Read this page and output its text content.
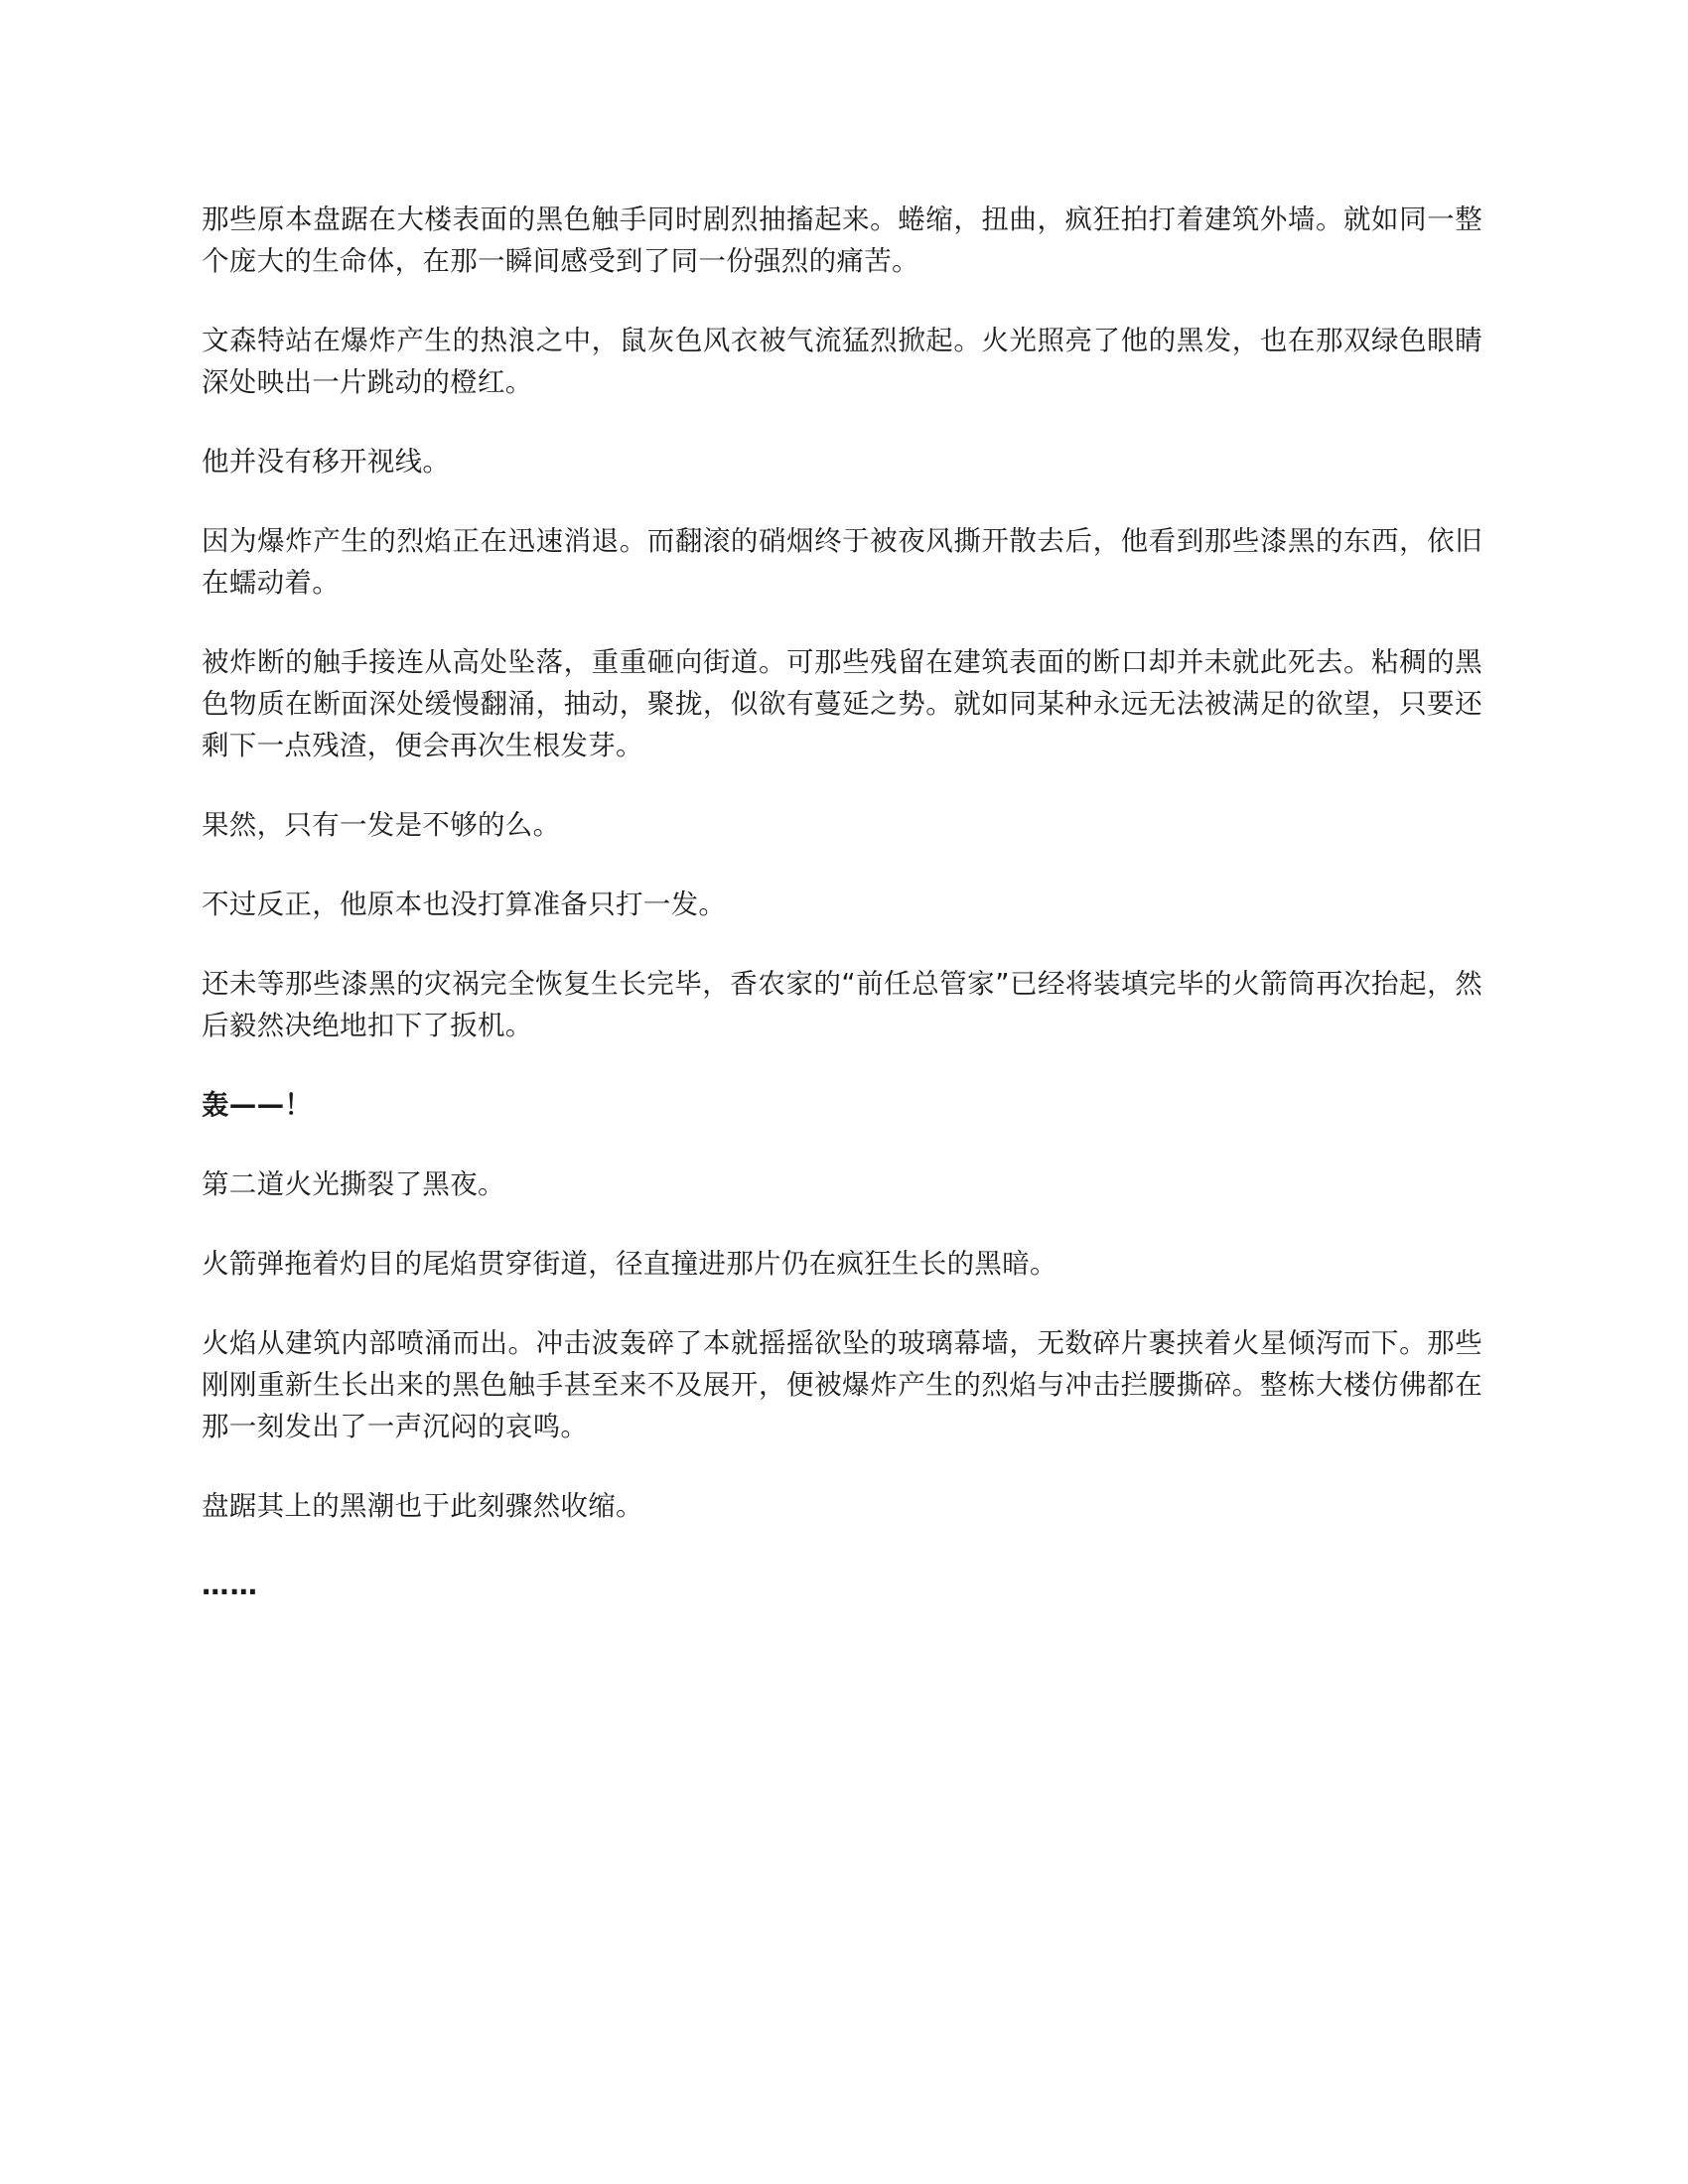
那些原本盘踞在大楼表面的黑色触手同时剧烈抽搐起来。蜷缩，扭曲，疯狂拍打着建筑外墙。就如同一整个庞大的生命体，在那一瞬间感受到了同一份强烈的痛苦。

文森特站在爆炸产生的热浪之中，鼠灰色风衣被气流猛烈掀起。火光照亮了他的黑发，也在那双绿色眼睛深处映出一片跳动的橙红。

他并没有移开视线。

因为爆炸产生的烈焰正在迅速消退。而翻滚的硝烟终于被夜风撕开散去后，他看到那些漆黑的东西，依旧在蠕动着。

被炸断的触手接连从高处坠落，重重砸向街道。可那些残留在建筑表面的断口却并未就此死去。粘稠的黑色物质在断面深处缓慢翻涌，抽动，聚拢，似欲有蔓延之势。就如同某种永远无法被满足的欲望，只要还剩下一点残渣，便会再次生根发芽。

果然，只有一发是不够的么。

不过反正，他原本也没打算准备只打一发。

还未等那些漆黑的灾祸完全恢复生长完毕，香农家的“前任总管家”已经将装填完毕的火箭筒再次抬起，然后毅然决绝地扣下了扳机。

轰——！

第二道火光撕裂了黑夜。

火箭弹拖着灼目的尾焰贯穿街道，径直撞进那片仍在疯狂生长的黑暗。

火焰从建筑内部喷涌而出。冲击波轰碎了本就摇摇欲坠的玻璃幕墙，无数碎片裹挟着火星倾泻而下。那些刚刚重新生长出来的黑色触手甚至来不及展开，便被爆炸产生的烈焰与冲击拦腰撕碎。整栋大楼仿佛都在那一刻发出了一声沉闷的哀鸣。

盘踞其上的黑潮也于此刻骤然收缩。

……
